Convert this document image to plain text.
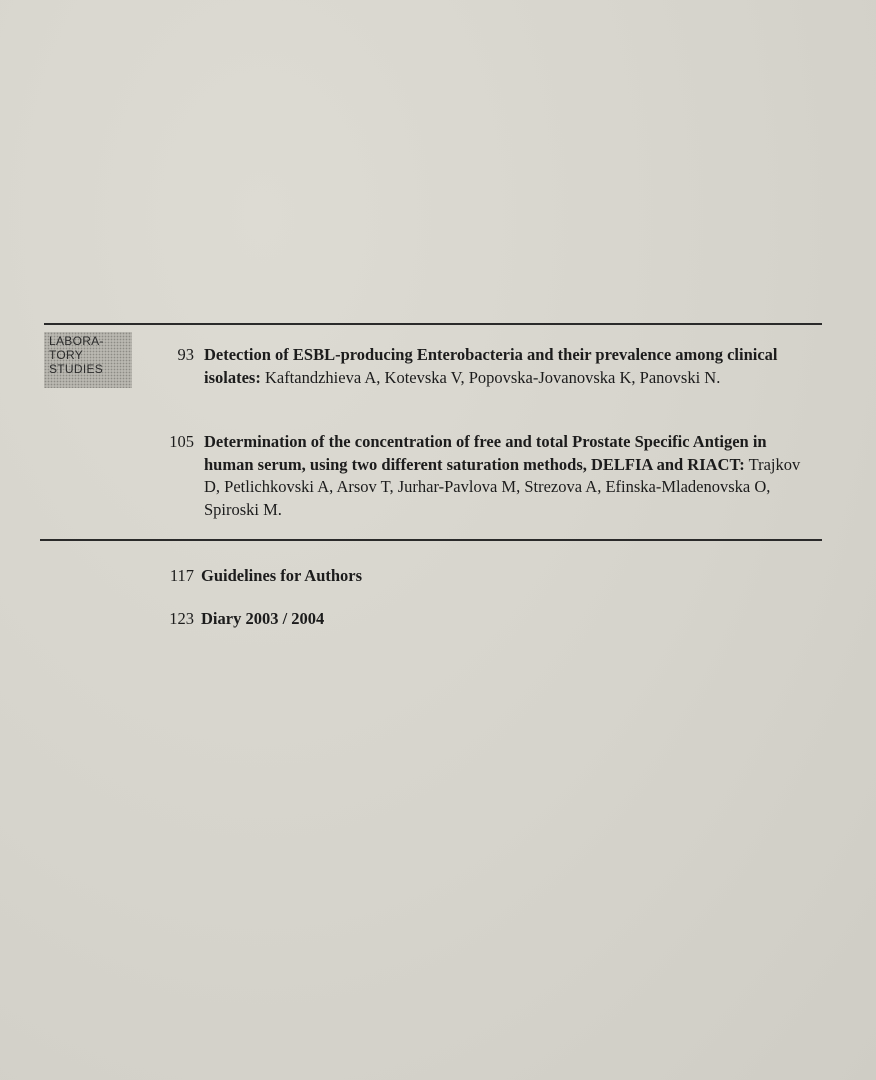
LABORA-
TORY
STUDIES
93 Detection of ESBL-producing Enterobacteria and their prevalence among clinical isolates: Kaftandzhieva A, Kotevska V, Popovska-Jovanovska K, Panovski N.
105 Determination of the concentration of free and total Prostate Specific Antigen in human serum, using two different saturation methods, DELFIA and RIACT: Trajkov D, Petlichkovski A, Arsov T, Jurhar-Pavlova M, Strezova A, Efinska-Mladenovska O, Spiroski M.
117 Guidelines for Authors
123 Diary 2003 / 2004
